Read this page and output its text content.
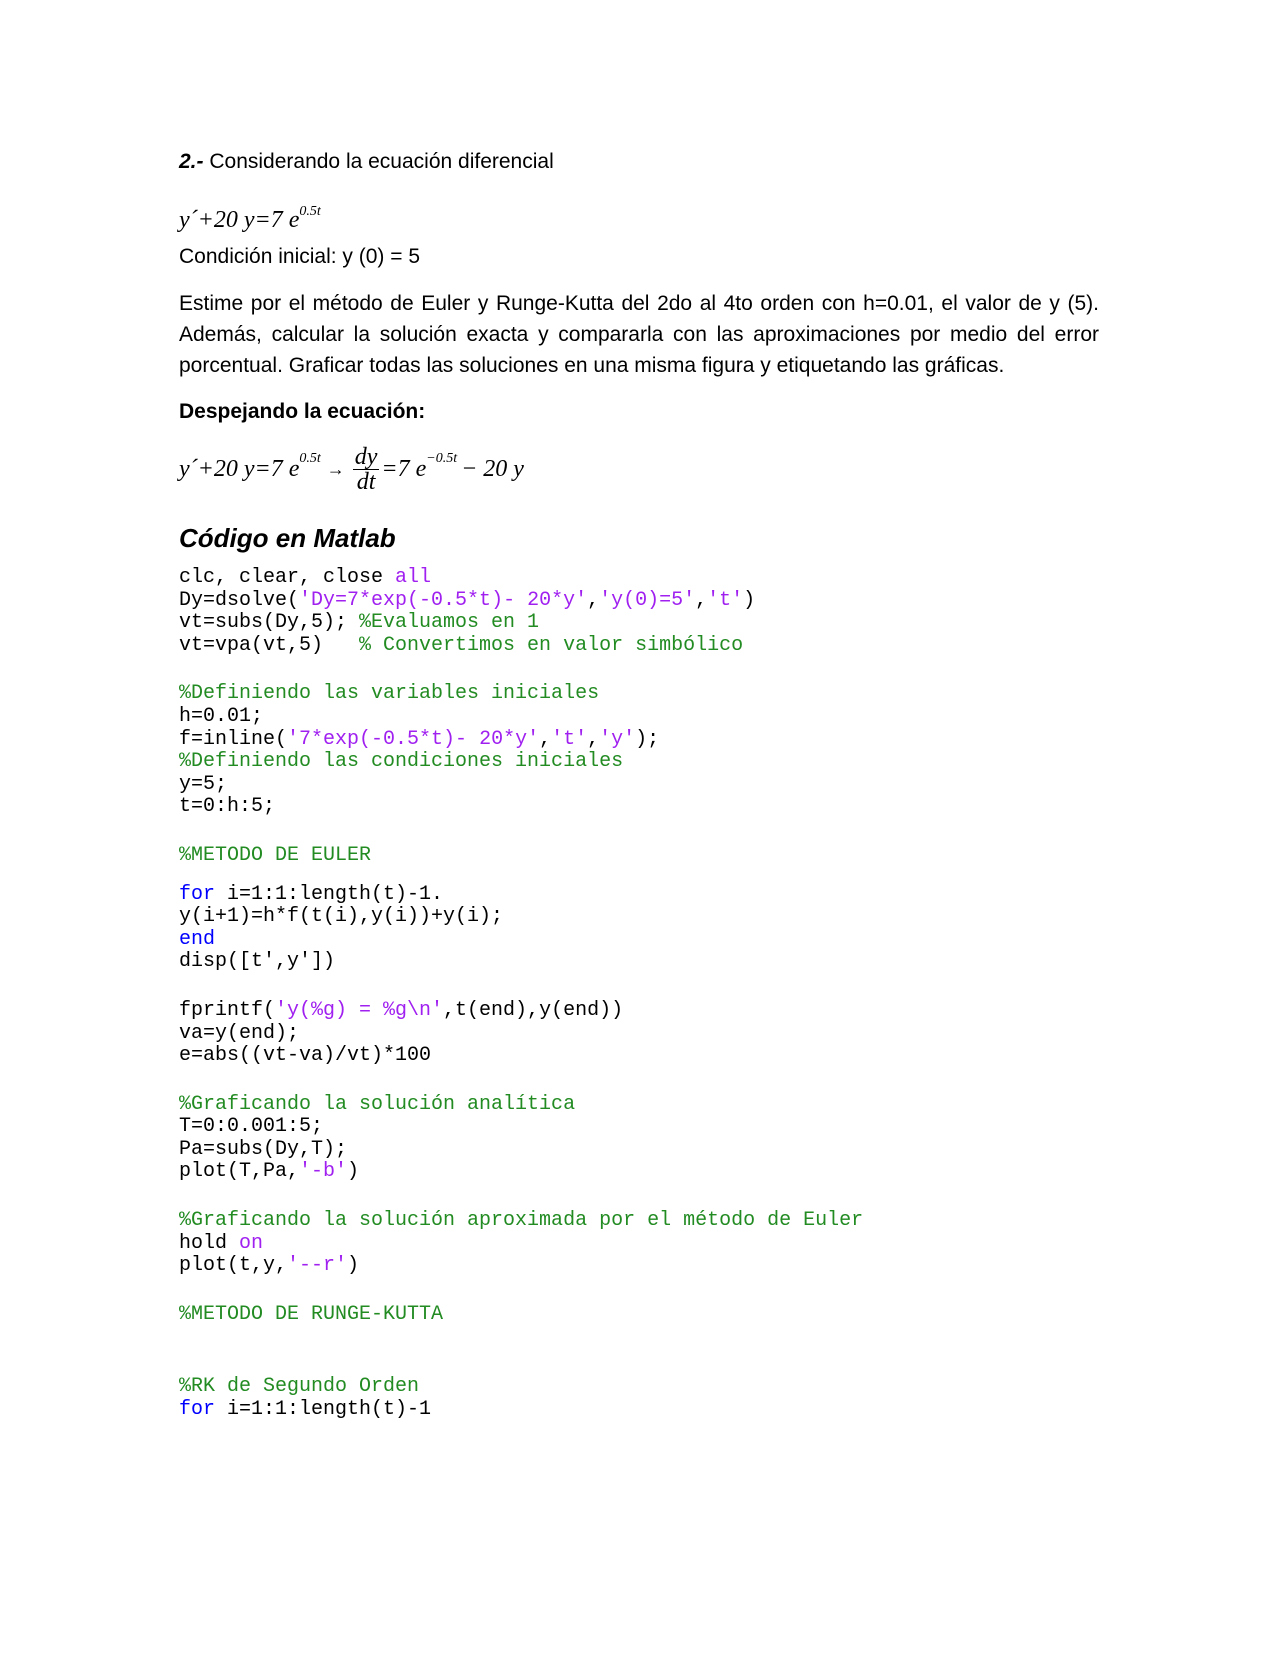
2.- Considerando la ecuación diferencial

y´+20 y=7 $e^{0.5t}$

Condición inicial: y (0) = 5

Estime por el método de Euler y Runge-Kutta del 2do al 4to orden con h=0.01, el valor de y (5). Además, calcular la solución exacta y compararla con las aproximaciones por medio del error porcentual. Graficar todas las soluciones en una misma figura y etiquetando las gráficas.

Despejando la ecuación:

y´+20 y=7 e $0.5t \to \frac{dy}{dt} =7$ e −0.5t − 20 y

Código en Matlab

clc, clear, close all
Dy=dsolve('Dy=7*exp(-0.5*t)- 20*y','y(0)=5','t')
vt=subs(Dy,5); %Evaluamos en 1
vt=vpa(vt,5)   % Convertimos en valor simbólico
%Definiendo las variables iniciales
h=0.01;
f=inline('7*exp(-0.5*t)- 20*y','t','y');
%Definiendo las condiciones iniciales
y=5;
t=0:h:5;
%METODO DE EULER
for i=1:1:length(t)-1.
y(i+1)=h*f(t(i),y(i))+y(i);
end
disp([t',y'])
fprintf('y(%g) = %g\n',t(end),y(end))
va=y(end);
e=abs((vt-va)/vt)*100
%Graficando la solución analítica
T=0:0.001:5;
Pa=subs(Dy,T);
plot(T,Pa,'-b')
%Graficando la solución aproximada por el método de Euler
hold on
plot(t,y,'--r')
%METODO DE RUNGE-KUTTA
%RK de Segundo Orden
for i=1:1:length(t)-1
